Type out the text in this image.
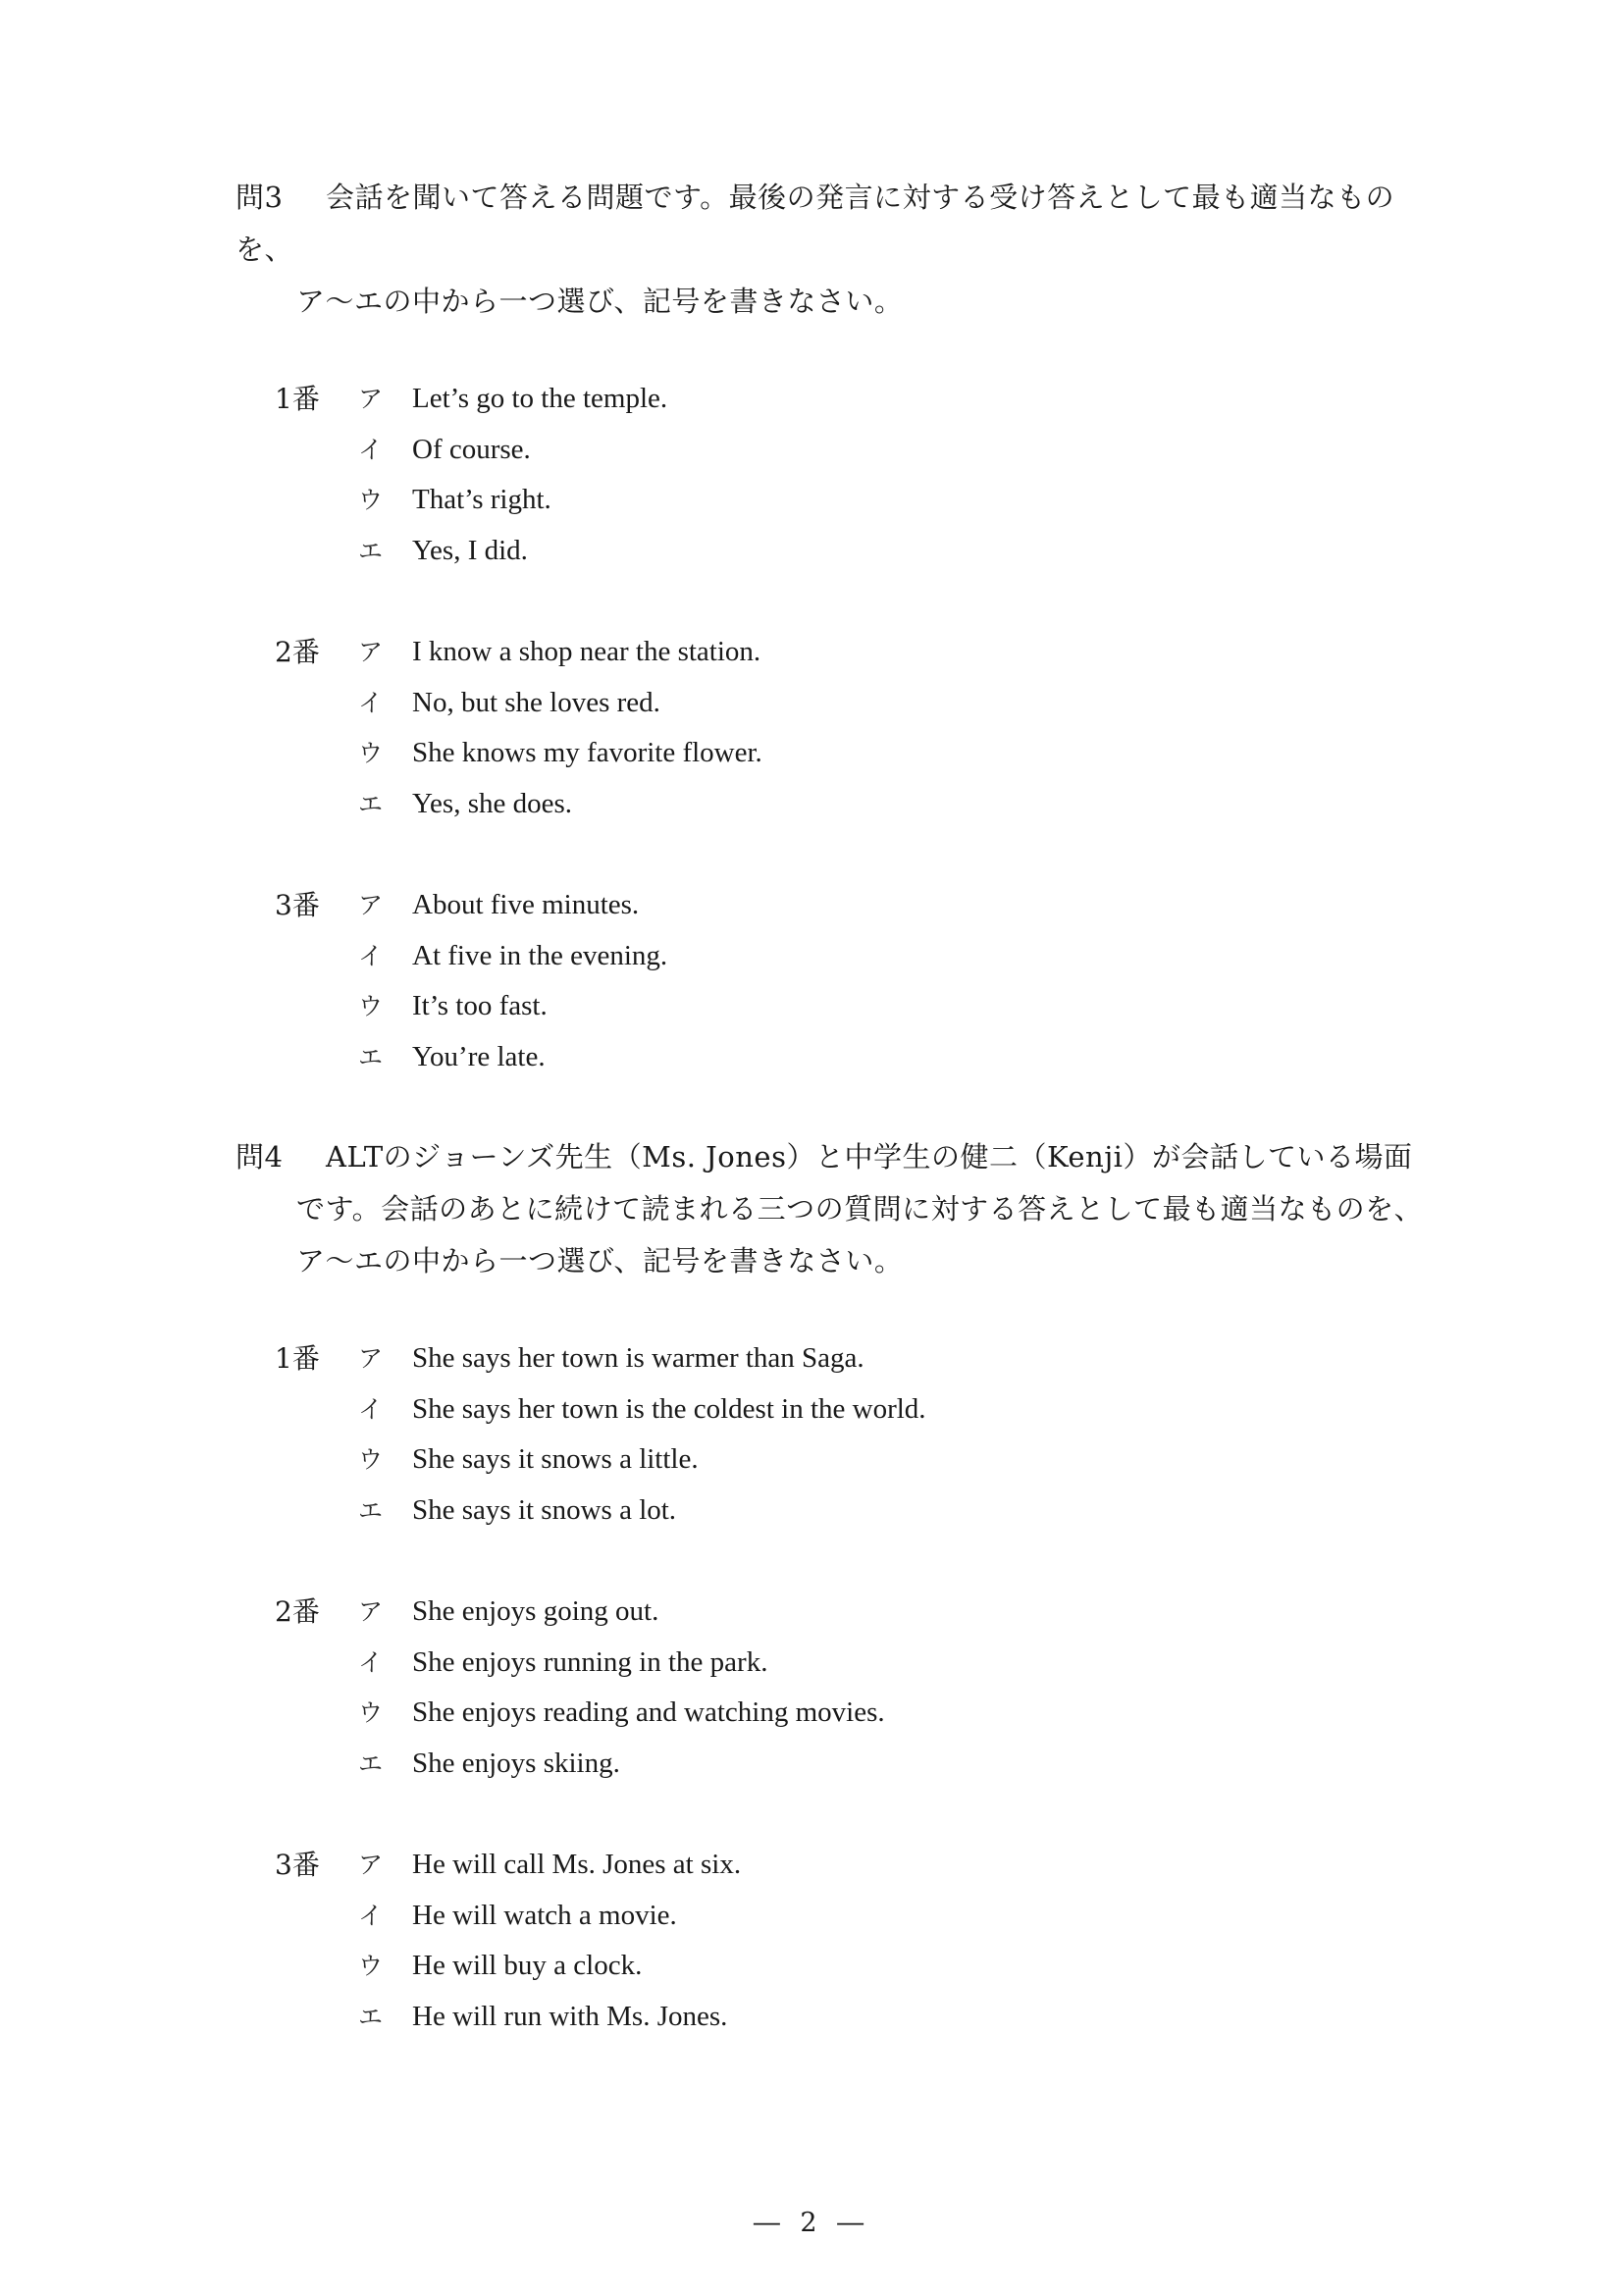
問3 会話を聞いて答える問題です。最後の発言に対する受け答えとして最も適当なものを、
ア～エの中から一つ選び、記号を書きなさい。
1番 ア Let’s go to the temple.
イ Of course.
ウ That’s right.
エ Yes, I did.
2番 ア I know a shop near the station.
イ No, but she loves red.
ウ She knows my favorite flower.
エ Yes, she does.
3番 ア About five minutes.
イ At five in the evening.
ウ It’s too fast.
エ You’re late.
問4 ALTのジョーンズ先生（Ms. Jones）と中学生の健二（Kenji）が会話している場面
です。会話のあとに続けて読まれる三つの質問に対する答えとして最も適当なものを、
ア～エの中から一つ選び、記号を書きなさい。
1番 ア She says her town is warmer than Saga.
イ She says her town is the coldest in the world.
ウ She says it snows a little.
エ She says it snows a lot.
2番 ア She enjoys going out.
イ She enjoys running in the park.
ウ She enjoys reading and watching movies.
エ She enjoys skiing.
3番 ア He will call Ms. Jones at six.
イ He will watch a movie.
ウ He will buy a clock.
エ He will run with Ms. Jones.
― 2 ―
